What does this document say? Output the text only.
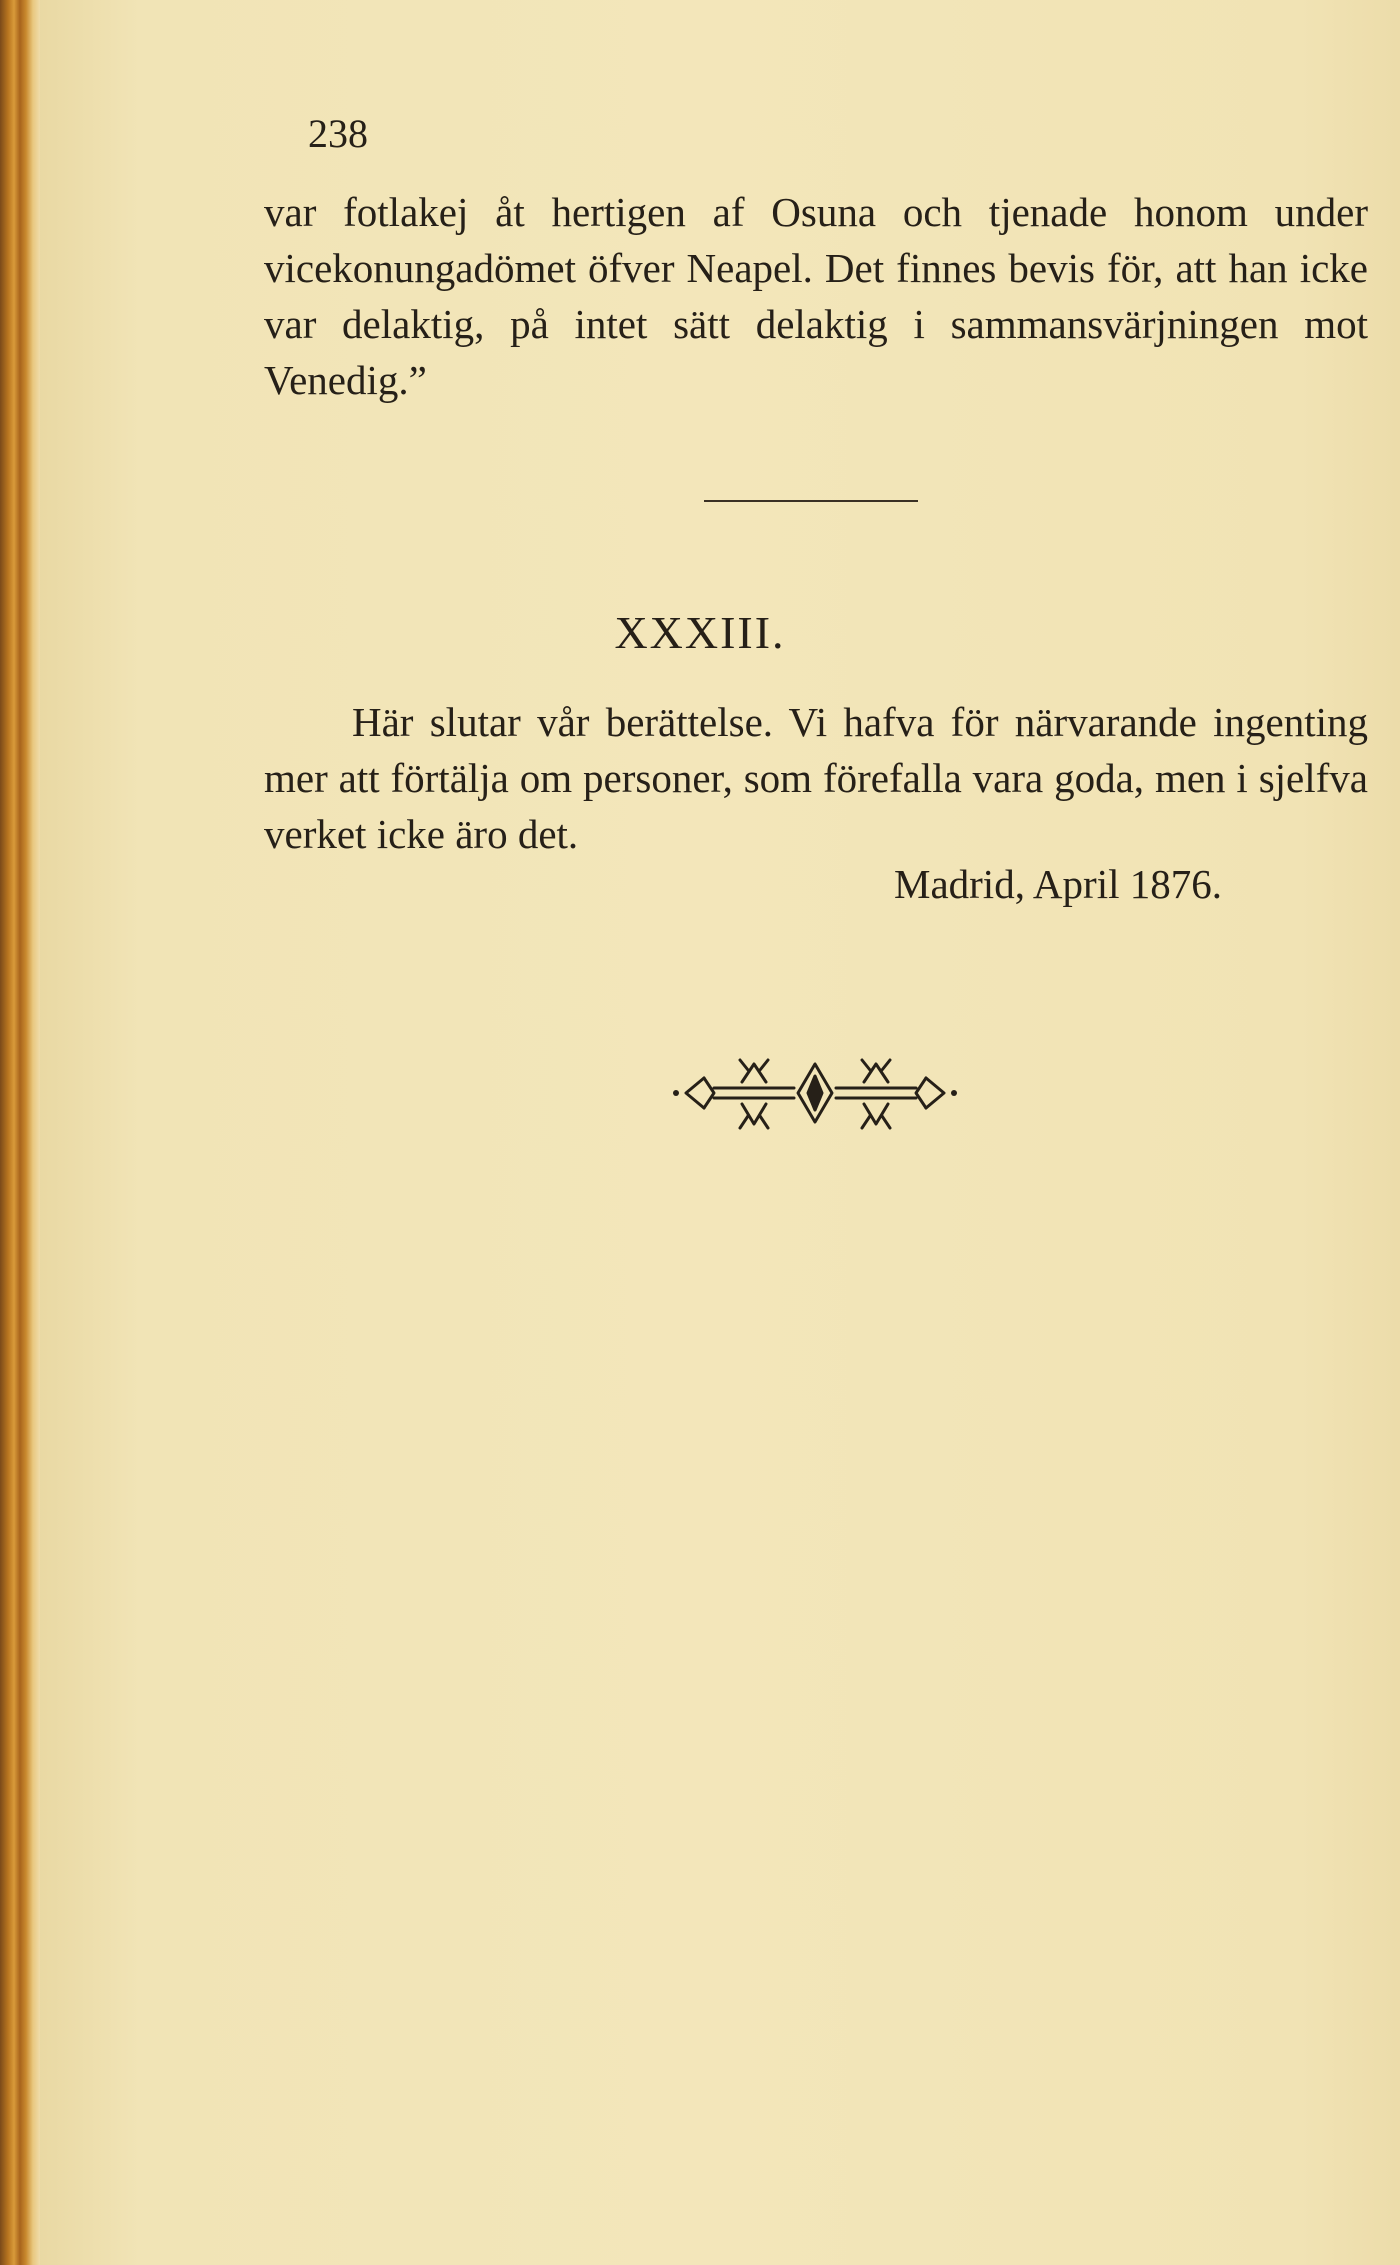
238

var fotlakej åt hertigen af Osuna och tjenade honom under vicekonungadömet öfver Neapel. Det finnes bevis för, att han icke var delaktig, på intet sätt delaktig i sammansvärjningen mot Venedig.”

XXXIII.

Här slutar vår berättelse. Vi hafva för närvarande ingenting mer att förtälja om personer, som förefalla vara goda, men i sjelfva verket icke äro det.

Madrid, April 1876.
